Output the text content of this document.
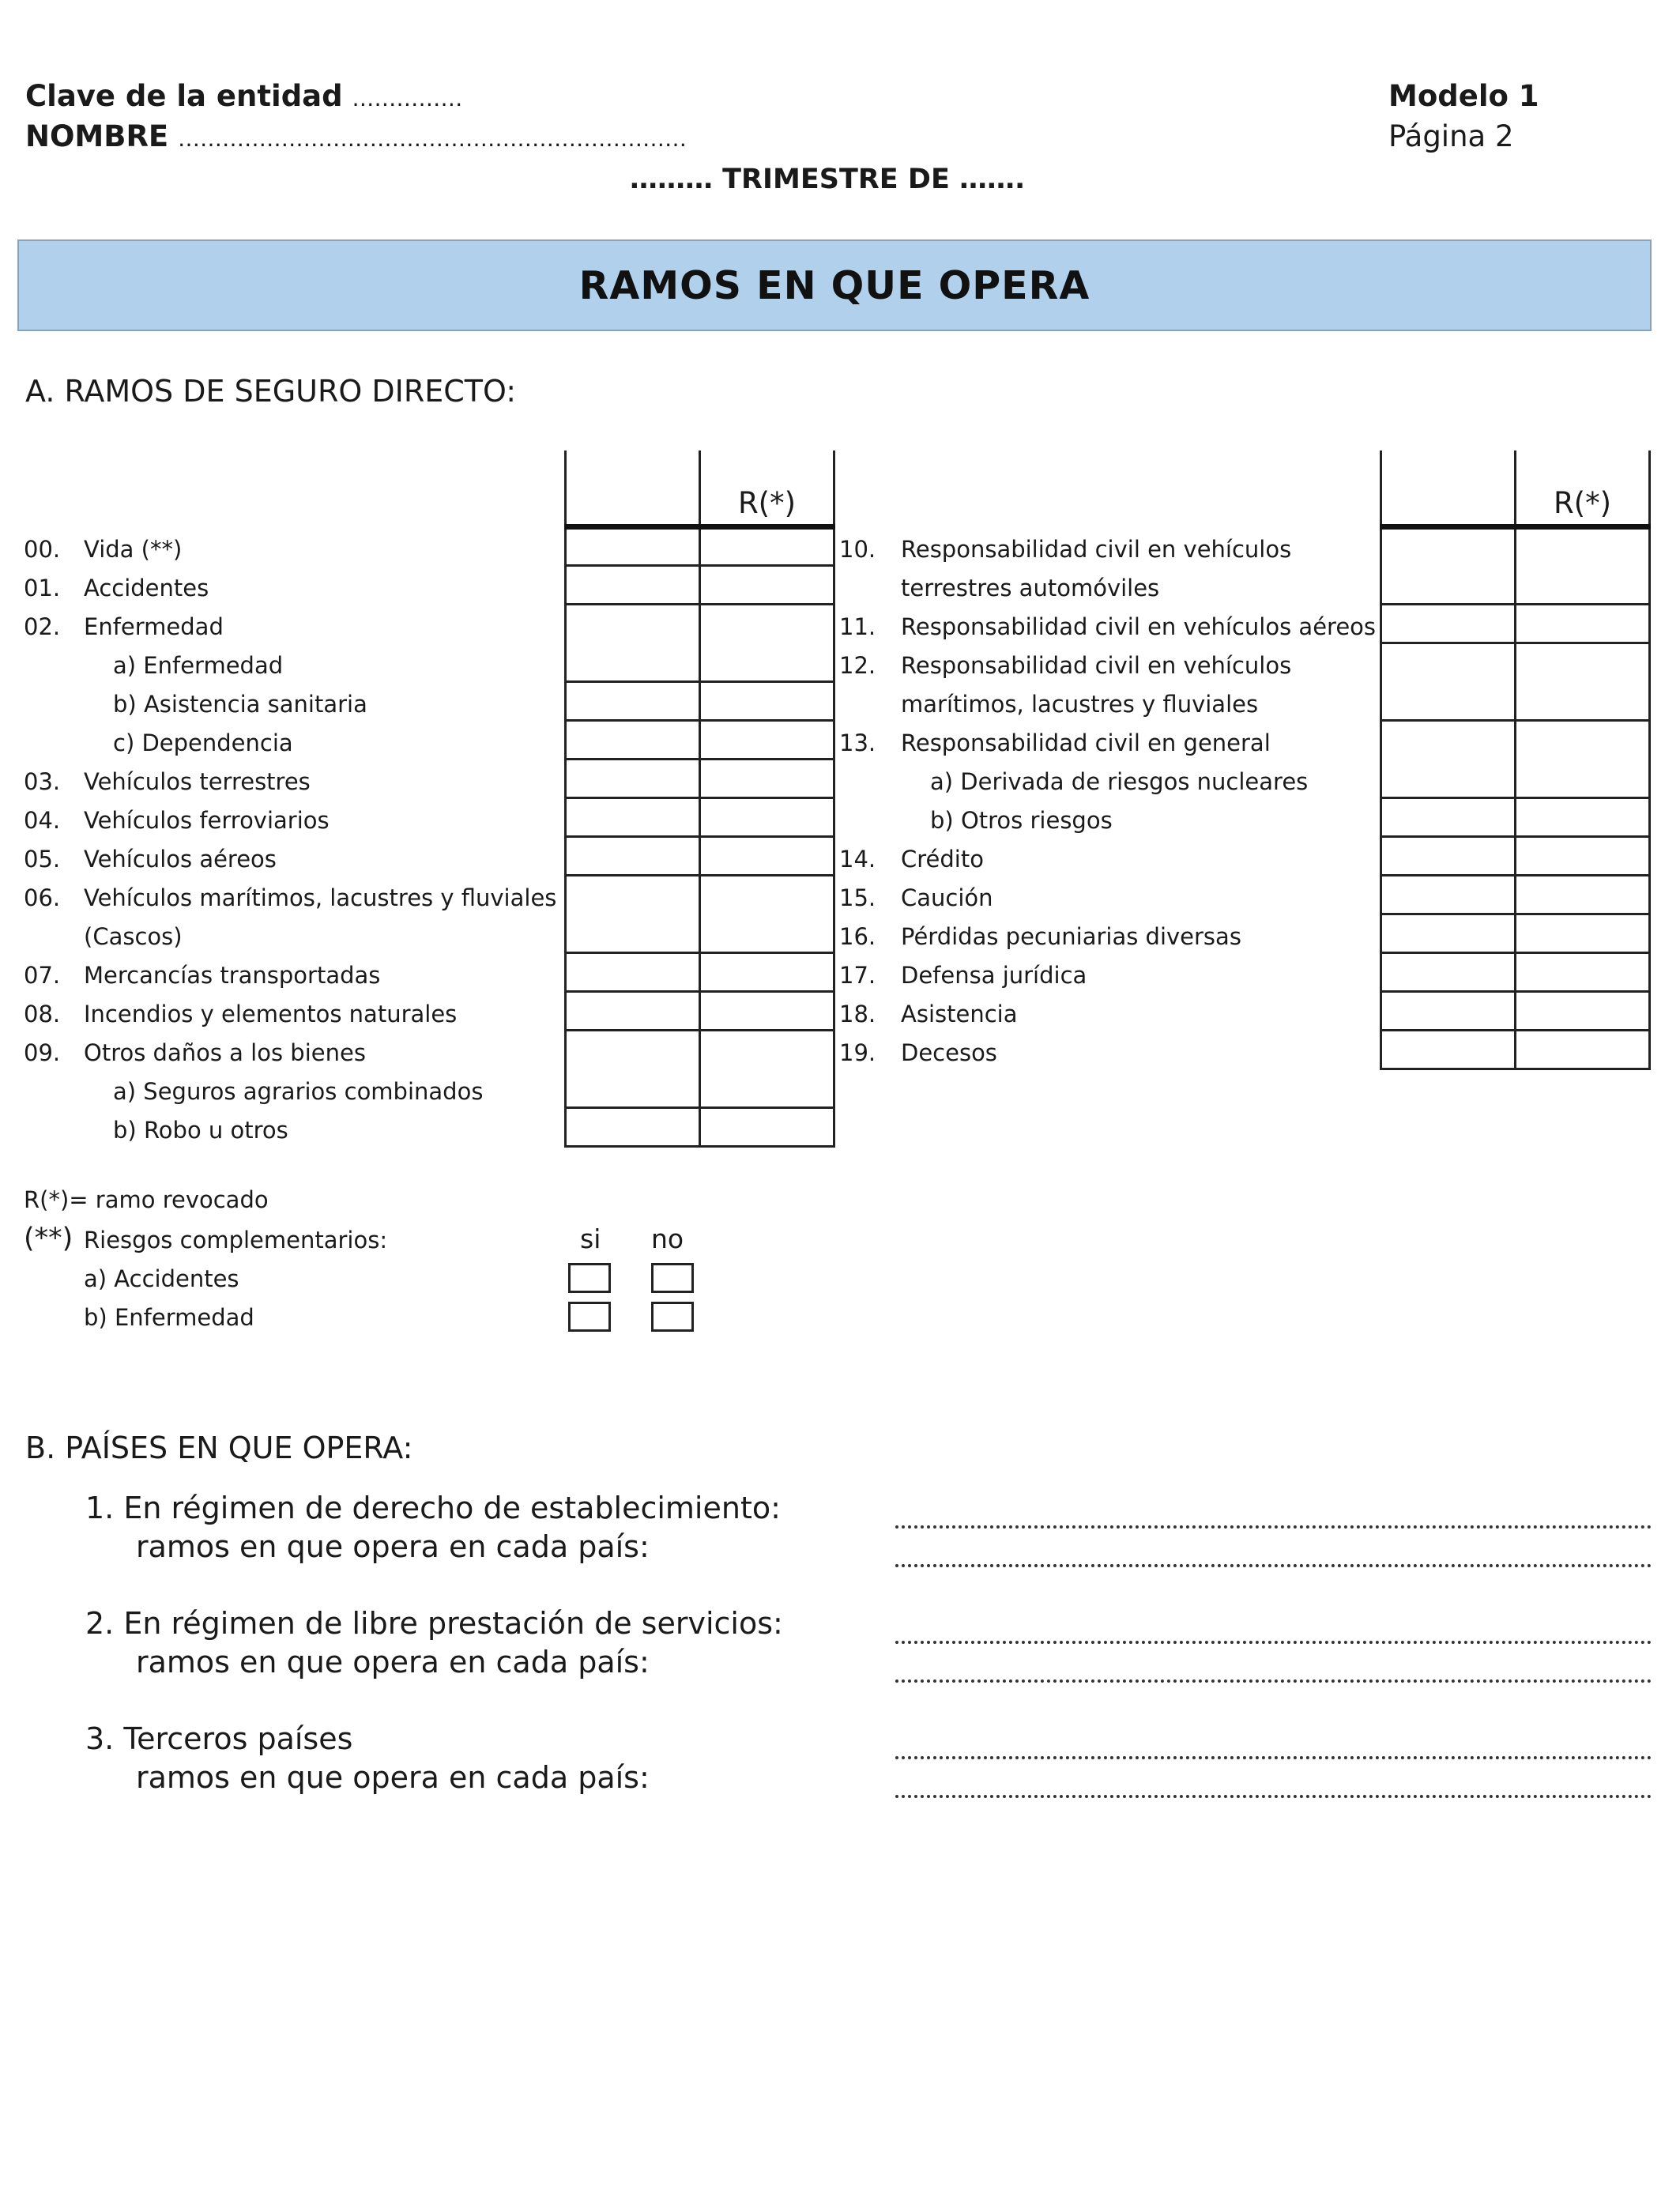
Clave de la entidad ……………
NOMBRE ……………………………………………………………
Modelo 1
Página 2
……… TRIMESTRE DE …….
RAMOS EN QUE OPERA
A. RAMOS DE SEGURO DIRECTO:
00. Vida (**)
01. Accidentes
02. Enfermedad
a) Enfermedad
b) Asistencia sanitaria
c) Dependencia
03. Vehículos terrestres
04. Vehículos ferroviarios
05. Vehículos aéreos
06. Vehículos marítimos, lacustres y fluviales
(Cascos)
07. Mercancías transportadas
08. Incendios y elementos naturales
09. Otros daños a los bienes
a) Seguros agrarios combinados
b) Robo u otros
	R(*)

10. Responsabilidad civil en vehículos
terrestres automóviles
11. Responsabilidad civil en vehículos aéreos
12. Responsabilidad civil en vehículos
marítimos, lacustres y fluviales
13. Responsabilidad civil en general
a) Derivada de riesgos nucleares
b) Otros riesgos
14. Crédito
15. Caución
16. Pérdidas pecuniarias diversas
17. Defensa jurídica
18. Asistencia
19. Decesos
	R(*)

R(*)= ramo revocado
(**) Riesgos complementarios:	si no
a) Accidentes
b) Enfermedad
B. PAÍSES EN QUE OPERA:
1. En régimen de derecho de establecimiento:
ramos en que opera en cada país:
2. En régimen de libre prestación de servicios:
ramos en que opera en cada país:
3. Terceros países
ramos en que opera en cada país:
